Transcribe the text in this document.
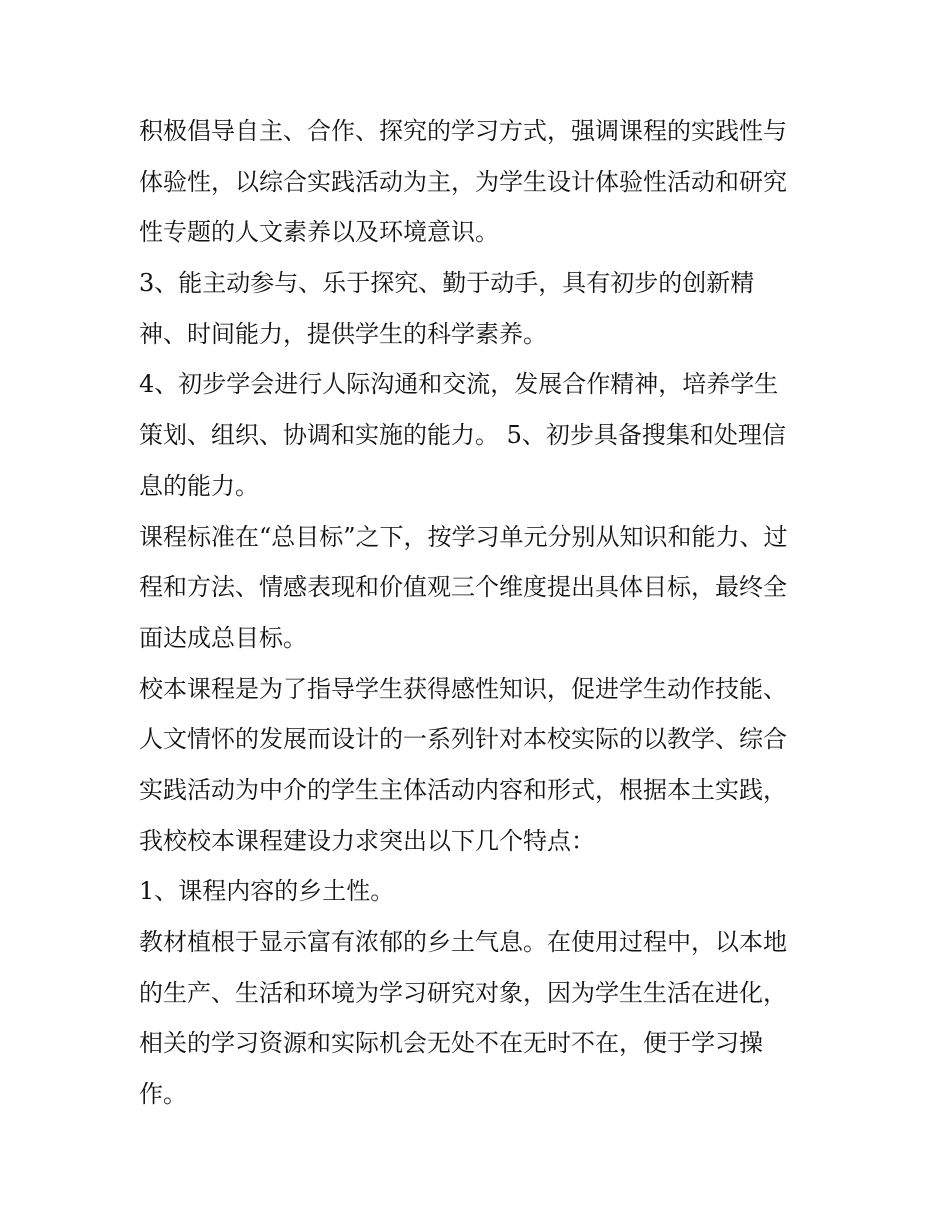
积极倡导自主、合作、探究的学习方式，强调课程的实践性与
体验性，以综合实践活动为主，为学生设计体验性活动和研究
性专题的人文素养以及环境意识。
3、能主动参与、乐于探究、勤于动手，具有初步的创新精
神、时间能力，提供学生的科学素养。
4、初步学会进行人际沟通和交流，发展合作精神，培养学生
策划、组织、协调和实施的能力。 5、初步具备搜集和处理信
息的能力。
课程标准在“总目标”之下，按学习单元分别从知识和能力、过
程和方法、情感表现和价值观三个维度提出具体目标，最终全
面达成总目标。
校本课程是为了指导学生获得感性知识，促进学生动作技能、
人文情怀的发展而设计的一系列针对本校实际的以教学、综合
实践活动为中介的学生主体活动内容和形式，根据本土实践，
我校校本课程建设力求突出以下几个特点：
1、课程内容的乡土性。
教材植根于显示富有浓郁的乡土气息。在使用过程中，以本地
的生产、生活和环境为学习研究对象，因为学生生活在进化，
相关的学习资源和实际机会无处不在无时不在，便于学习操
作。
